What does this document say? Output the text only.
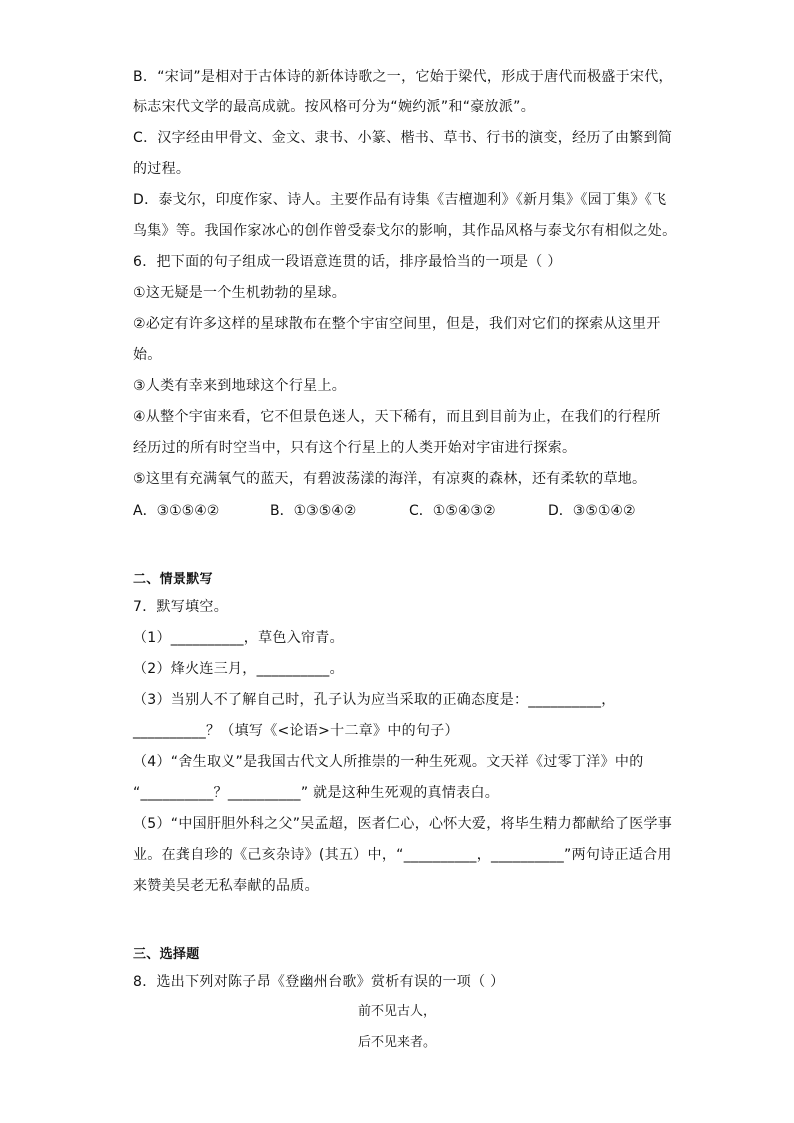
B．“宋词”是相对于古体诗的新体诗歌之一，它始于梁代，形成于唐代而极盛于宋代，
标志宋代文学的最高成就。按风格可分为“婉约派”和“豪放派”。
C．汉字经由甲骨文、金文、隶书、小篆、楷书、草书、行书的演变，经历了由繁到简
的过程。
D．泰戈尔，印度作家、诗人。主要作品有诗集《吉檀迦利》《新月集》《园丁集》《飞
鸟集》等。我国作家冰心的创作曾受泰戈尔的影响，其作品风格与泰戈尔有相似之处。
6．把下面的句子组成一段语意连贯的话，排序最恰当的一项是（ ）
①这无疑是一个生机勃勃的星球。
②必定有许多这样的星球散布在整个宇宙空间里，但是，我们对它们的探索从这里开
始。
③人类有幸来到地球这个行星上。
④从整个宇宙来看，它不但景色迷人，天下稀有，而且到目前为止，在我们的行程所
经历过的所有时空当中，只有这个行星上的人类开始对宇宙进行探索。
⑤这里有充满氧气的蓝天，有碧波荡漾的海洋，有凉爽的森林，还有柔软的草地。
A．③①⑤④②	B．①③⑤④②	C．①⑤④③②	D．③⑤①④②
二、情景默写
7．默写填空。
（1）__________，草色入帘青。
（2）烽火连三月，__________。
（3）当别人不了解自己时，孔子认为应当采取的正确态度是：__________，
__________？（填写《<论语>十二章》中的句子）
（4）“舍生取义”是我国古代文人所推崇的一种生死观。文天祥《过零丁洋》中的
“__________？__________” 就是这种生死观的真情表白。
（5）“中国肝胆外科之父”吴孟超，医者仁心，心怀大爱，将毕生精力都献给了医学事
业。在龚自珍的《己亥杂诗》(其五）中，“__________，__________”两句诗正适合用
来赞美吴老无私奉献的品质。
三、选择题
8．选出下列对陈子昂《登幽州台歌》赏析有误的一项（ ）
前不见古人，
后不见来者。
